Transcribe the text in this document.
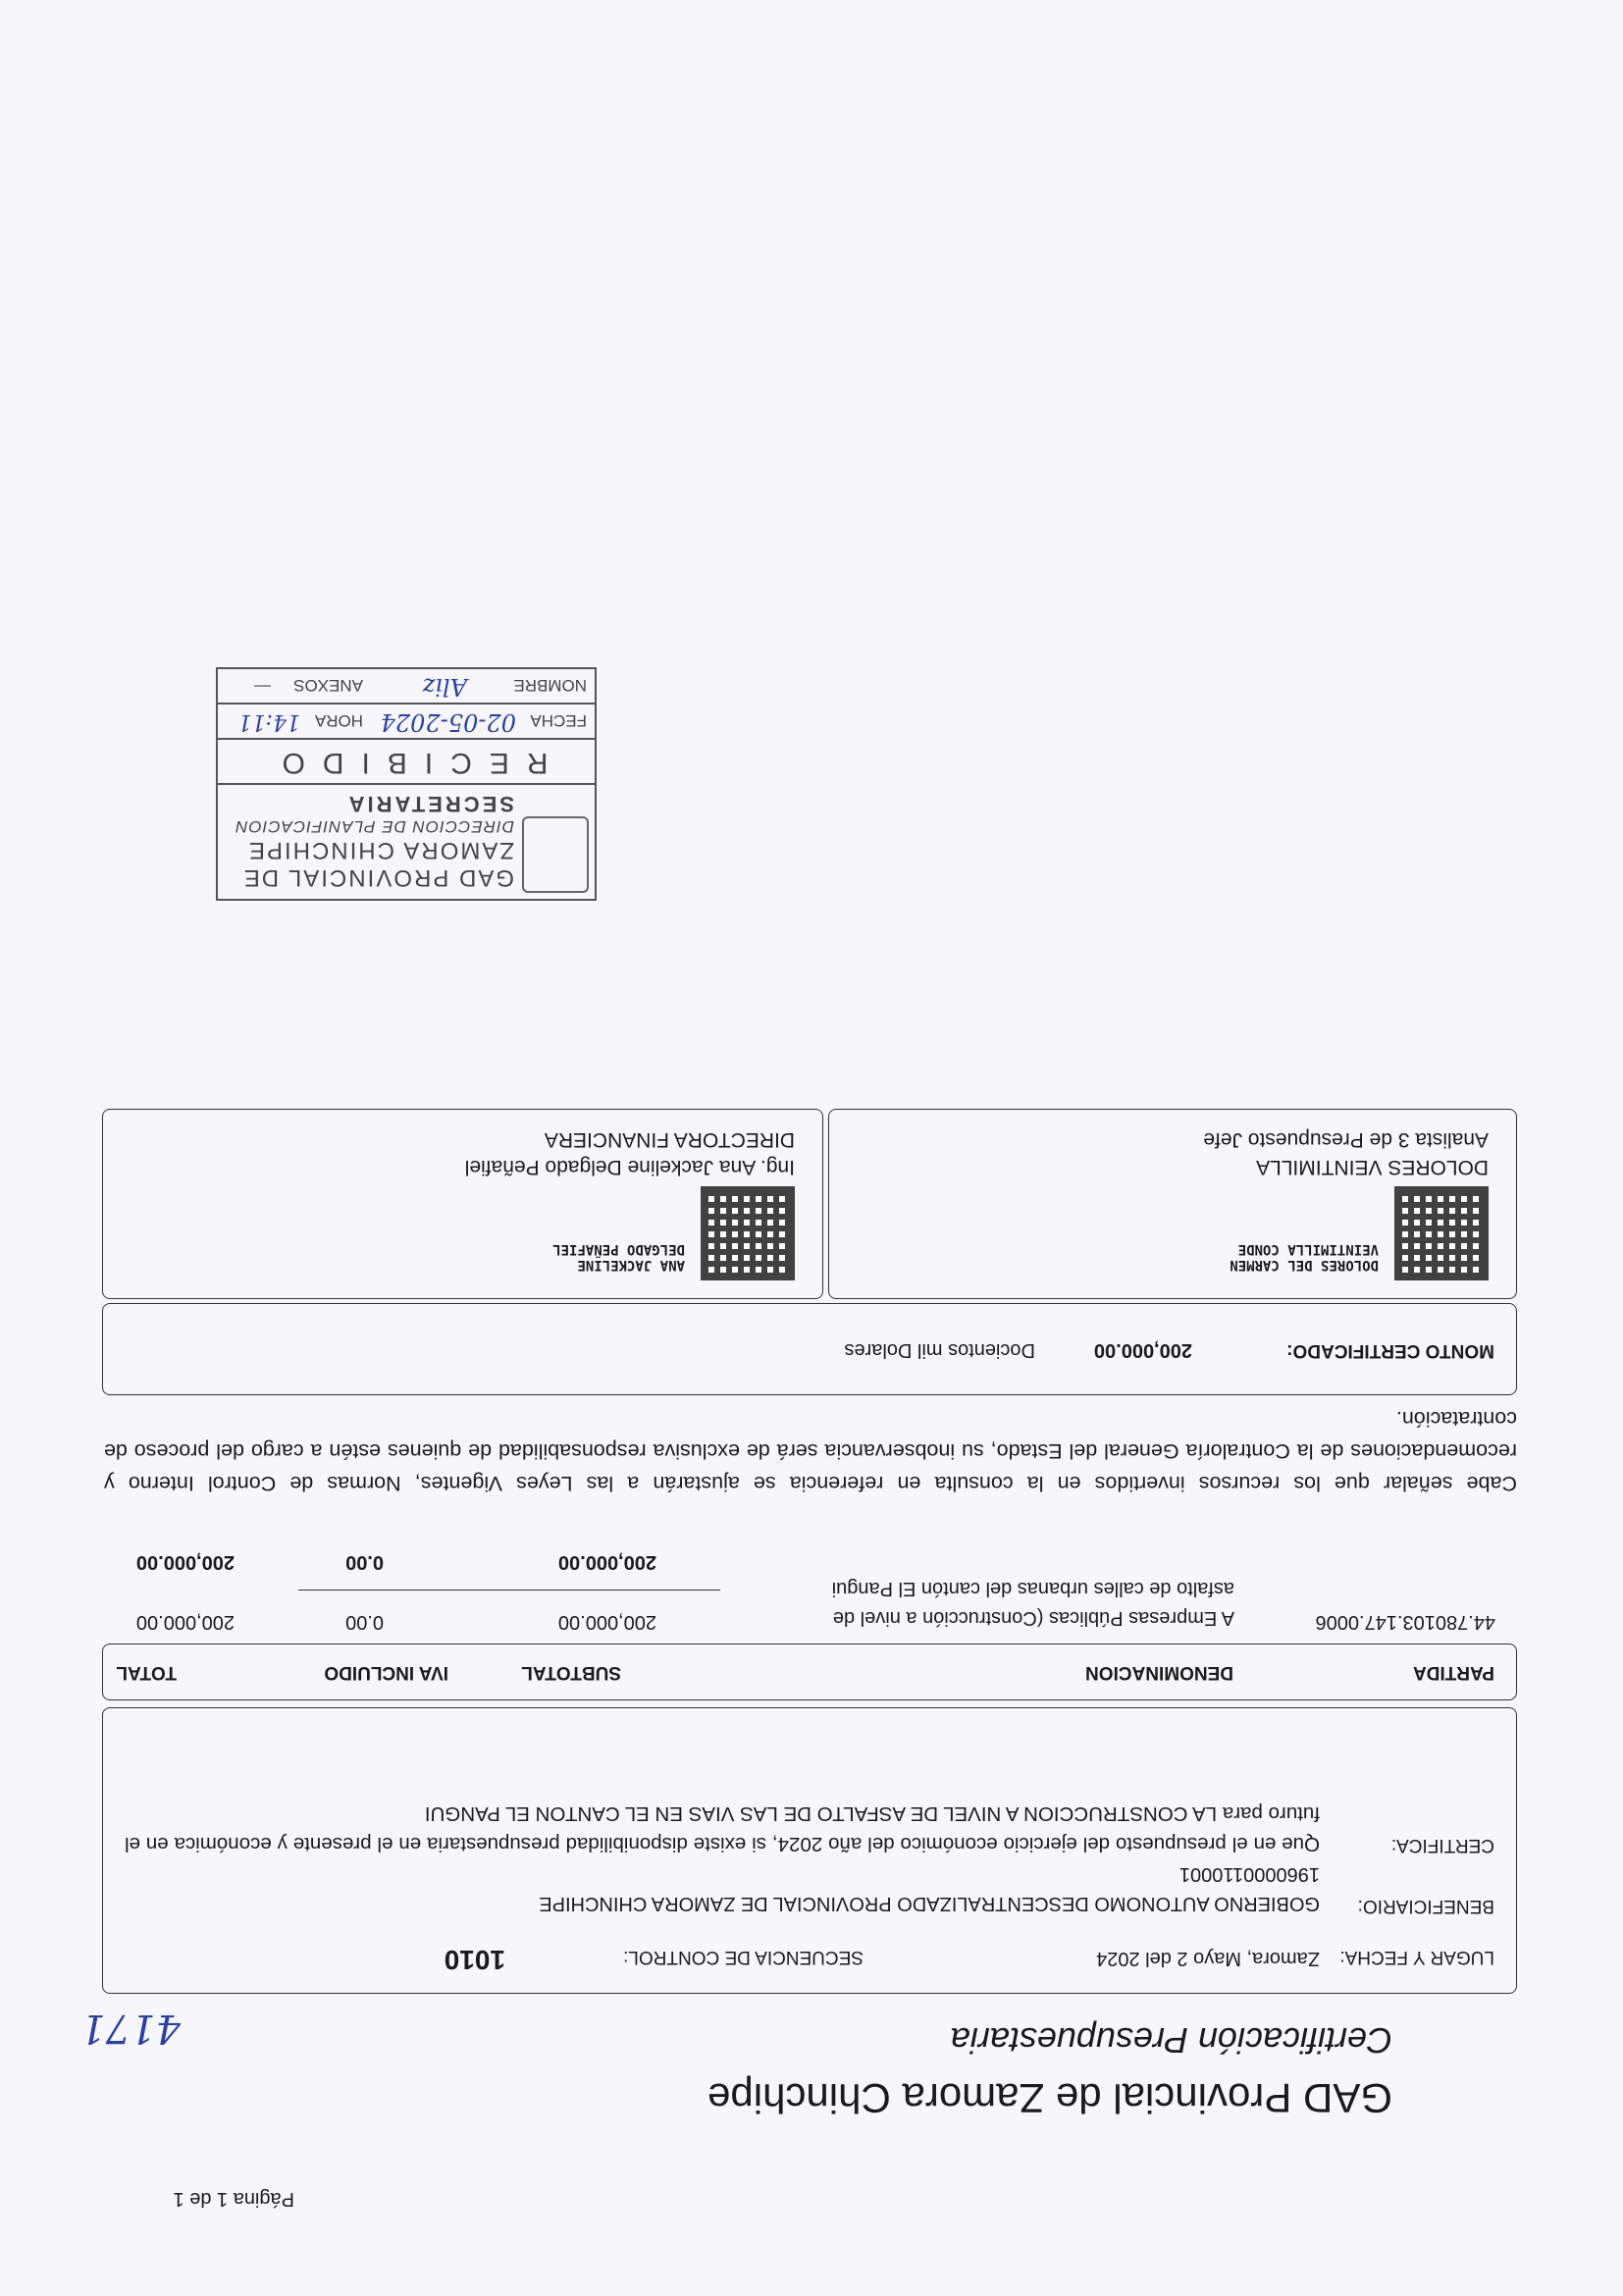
Página 1 de 1
GAD Provincial de Zamora Chinchipe
Certificación Presupuestaria
4171
LUGAR Y FECHA:
Zamora, Mayo 2 del 2024
SECUENCIA DE CONTROL:
1010
BENEFICIARIO:
GOBIERNO AUTONOMO DESCENTRALIZADO PROVINCIAL DE ZAMORA CHINCHIPE
1960000110001
CERTIFICA:
Que en el presupuesto del ejercicio económico del año 2024, si existe disponibilidad presupuestaria en el presente y económica en el futuro para LA CONSTRUCCION A NIVEL DE ASFALTO DE LAS VIAS EN EL CANTON EL PANGUI
PARTIDA
DENOMINACION
SUBTOTAL
IVA INCLUIDO
TOTAL
44.780103.147.0006
A Empresas Públicas (Construcción a nivel de
asfalto de calles urbanas del cantón El Pangui
200,000.00
0.00
200,000.00
200,000.00
0.00
200,000.00
Cabe señalar que los recursos invertidos en la consulta en referencia se ajustarán a las Leyes Vigentes, Normas de Control Interno y recomendaciones de la Contraloría General del Estado, su inobservancia será de exclusiva responsabilidad de quienes estén a cargo del proceso de contratación.
MONTO CERTIFICADO:
200,000.00
Docientos mil Dolares
DOLORES DEL CARMEN
VEINTIMILLA CONDE
DOLORES VEINTIMILLA
Analista 3 de Presupuesto Jefe
ANA JACKELINE
DELGADO PEÑAFIEL
Ing. Ana Jackeline Delgado Peñafiel
DIRECTORA FINANCIERA
GAD PROVINCIAL DE
ZAMORA CHINCHIPE
DIRECCION DE PLANIFICACION
SECRETARIA
RECIBIDO
FECHA
02-05-2024
HORA
14:11
NOMBRE
Aliz
ANEXOS
—
